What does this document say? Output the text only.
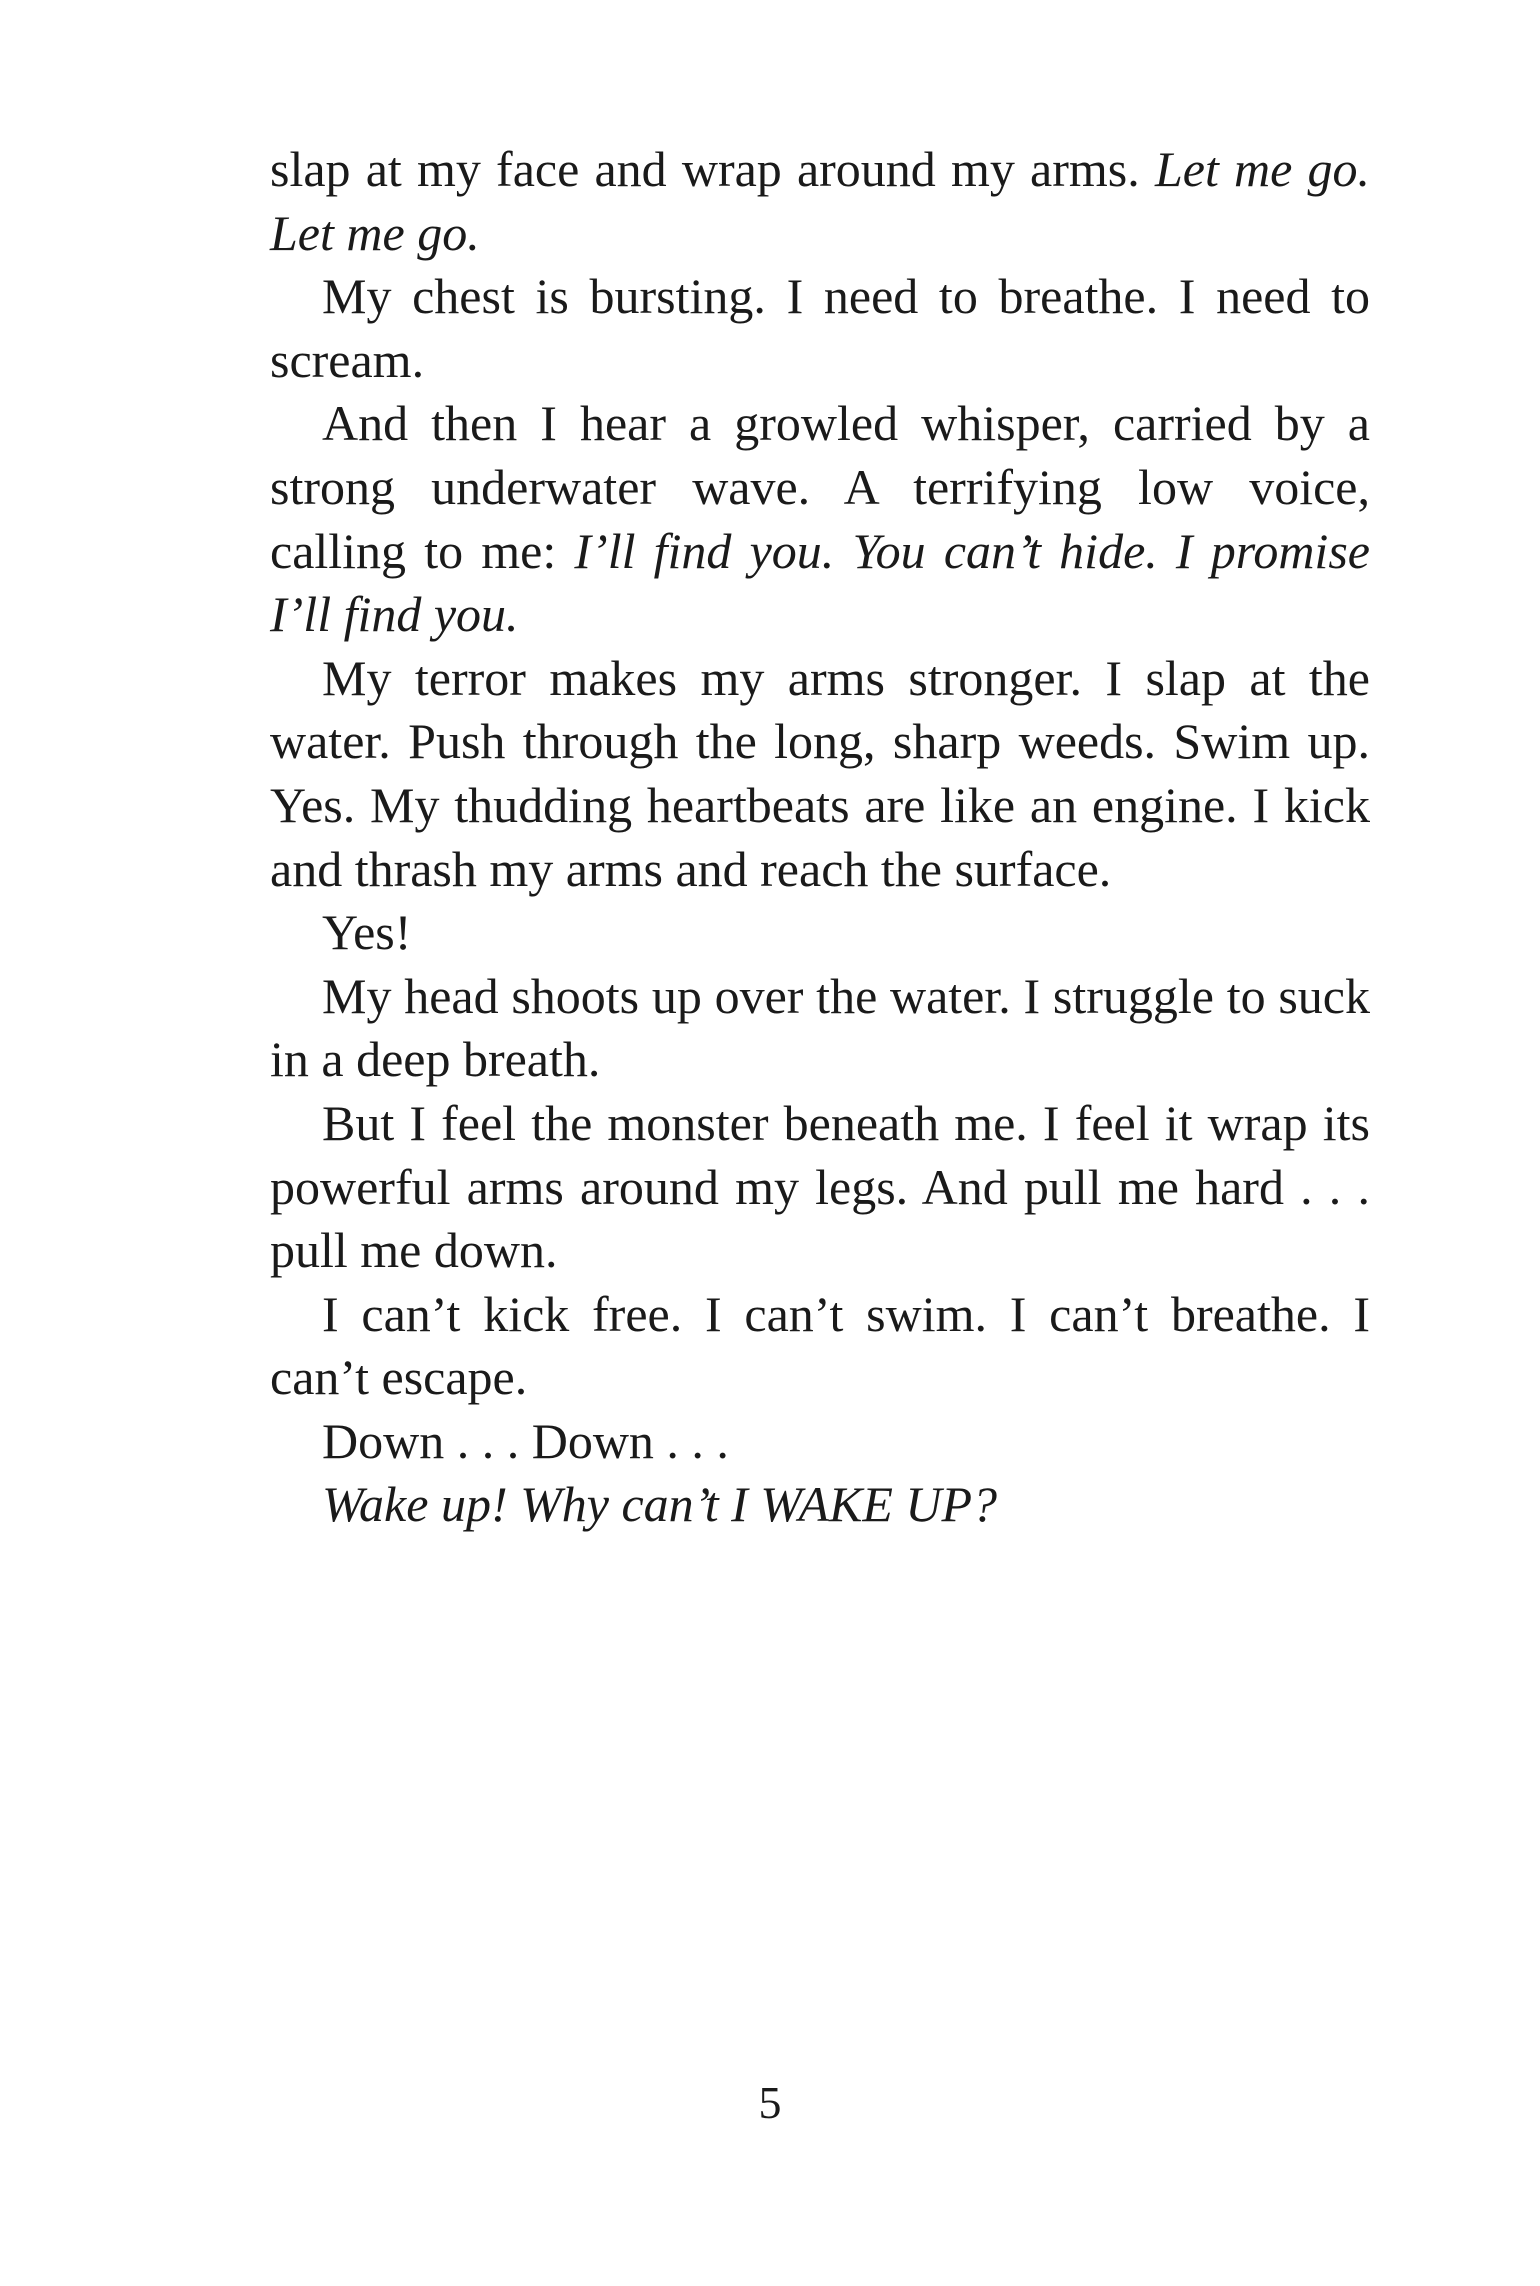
slap at my face and wrap around my arms. Let me go. Let me go.

My chest is bursting. I need to breathe. I need to scream.

And then I hear a growled whisper, carried by a strong underwater wave. A terrifying low voice, calling to me: I’ll find you. You can’t hide. I promise I’ll find you.

My terror makes my arms stronger. I slap at the water. Push through the long, sharp weeds. Swim up. Yes. My thudding heartbeats are like an engine. I kick and thrash my arms and reach the surface.

Yes!

My head shoots up over the water. I struggle to suck in a deep breath.

But I feel the monster beneath me. I feel it wrap its powerful arms around my legs. And pull me hard . . . pull me down.

I can’t kick free. I can’t swim. I can’t breathe. I can’t escape.

Down . . . Down . . .

Wake up! Why can’t I WAKE UP?

5
